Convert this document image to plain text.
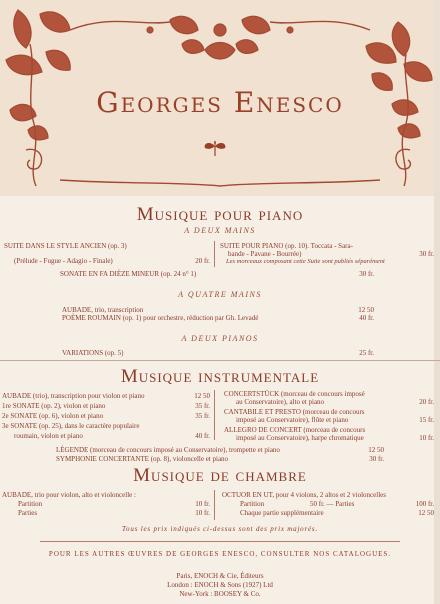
Georges Enesco
Musique pour piano
A DEUX MAINS
SUITE DANS LE STYLE ANCIEN (op. 3)
(Prélude - Fugue - Adagio - Finale)	20 fr.
SUITE POUR PIANO (op. 10). Toccata - Sara-
bande - Pavane - Bourrée)	30 fr.
Les morceaux composant cette Suite sont publiés séparément
SONATE EN FA DIÈZE MINEUR (op. 24 n° 1)	30 fr.
A QUATRE MAINS
AUBADE, trio, transcription	12 50
POÈME ROUMAIN (op. 1) pour orchestre, réduction par Gh. Levadé	40 fr.
A DEUX PIANOS
VARIATIONS (op. 5)	25 fr.
Musique instrumentale
AUBADE (trio), transcription pour violon et piano	12 50
1re SONATE (op. 2), violon et piano	35 fr.
2e SONATE (op. 6), violon et piano	35 fr.
3e SONATE (op. 25), dans le caractère populaire
roumain, violon et piano	40 fr.
CONCERTSTÜCK (morceau de concours imposé
au Conservatoire), alto et piano	20 fr.
CANTABILE ET PRESTO (morceau de concours
imposé au Conservatoire), flûte et piano	15 fr.
ALLEGRO DE CONCERT (morceau de concours
imposé au Conservatoire), harpe chromatique	10 fr.
LÉGENDE (morceau de concours imposé au Conservatoire), trompette et piano	12 50
SYMPHONIE CONCERTANTE (op. 8), violoncelle et piano	30 fr.
Musique de chambre
AUBADE, trio pour violon, alto et violoncelle :
Partition	10 fr.
Parties	10 fr.
OCTUOR EN UT, pour 4 violons, 2 altos et 2 violoncelles
Partition	50 fr. — Parties	100 fr.
Chaque partie supplémentaire	12 50
Tous les prix indiqués ci-dessus sont des prix majorés.
POUR LES AUTRES ŒUVRES DE GEORGES ENESCO, CONSULTER NOS CATALOGUES.
Paris, ENOCH & Cie, Éditeurs
London : ENOCH & Sons (1927) Ltd
New-York : BOOSEY & Co.
